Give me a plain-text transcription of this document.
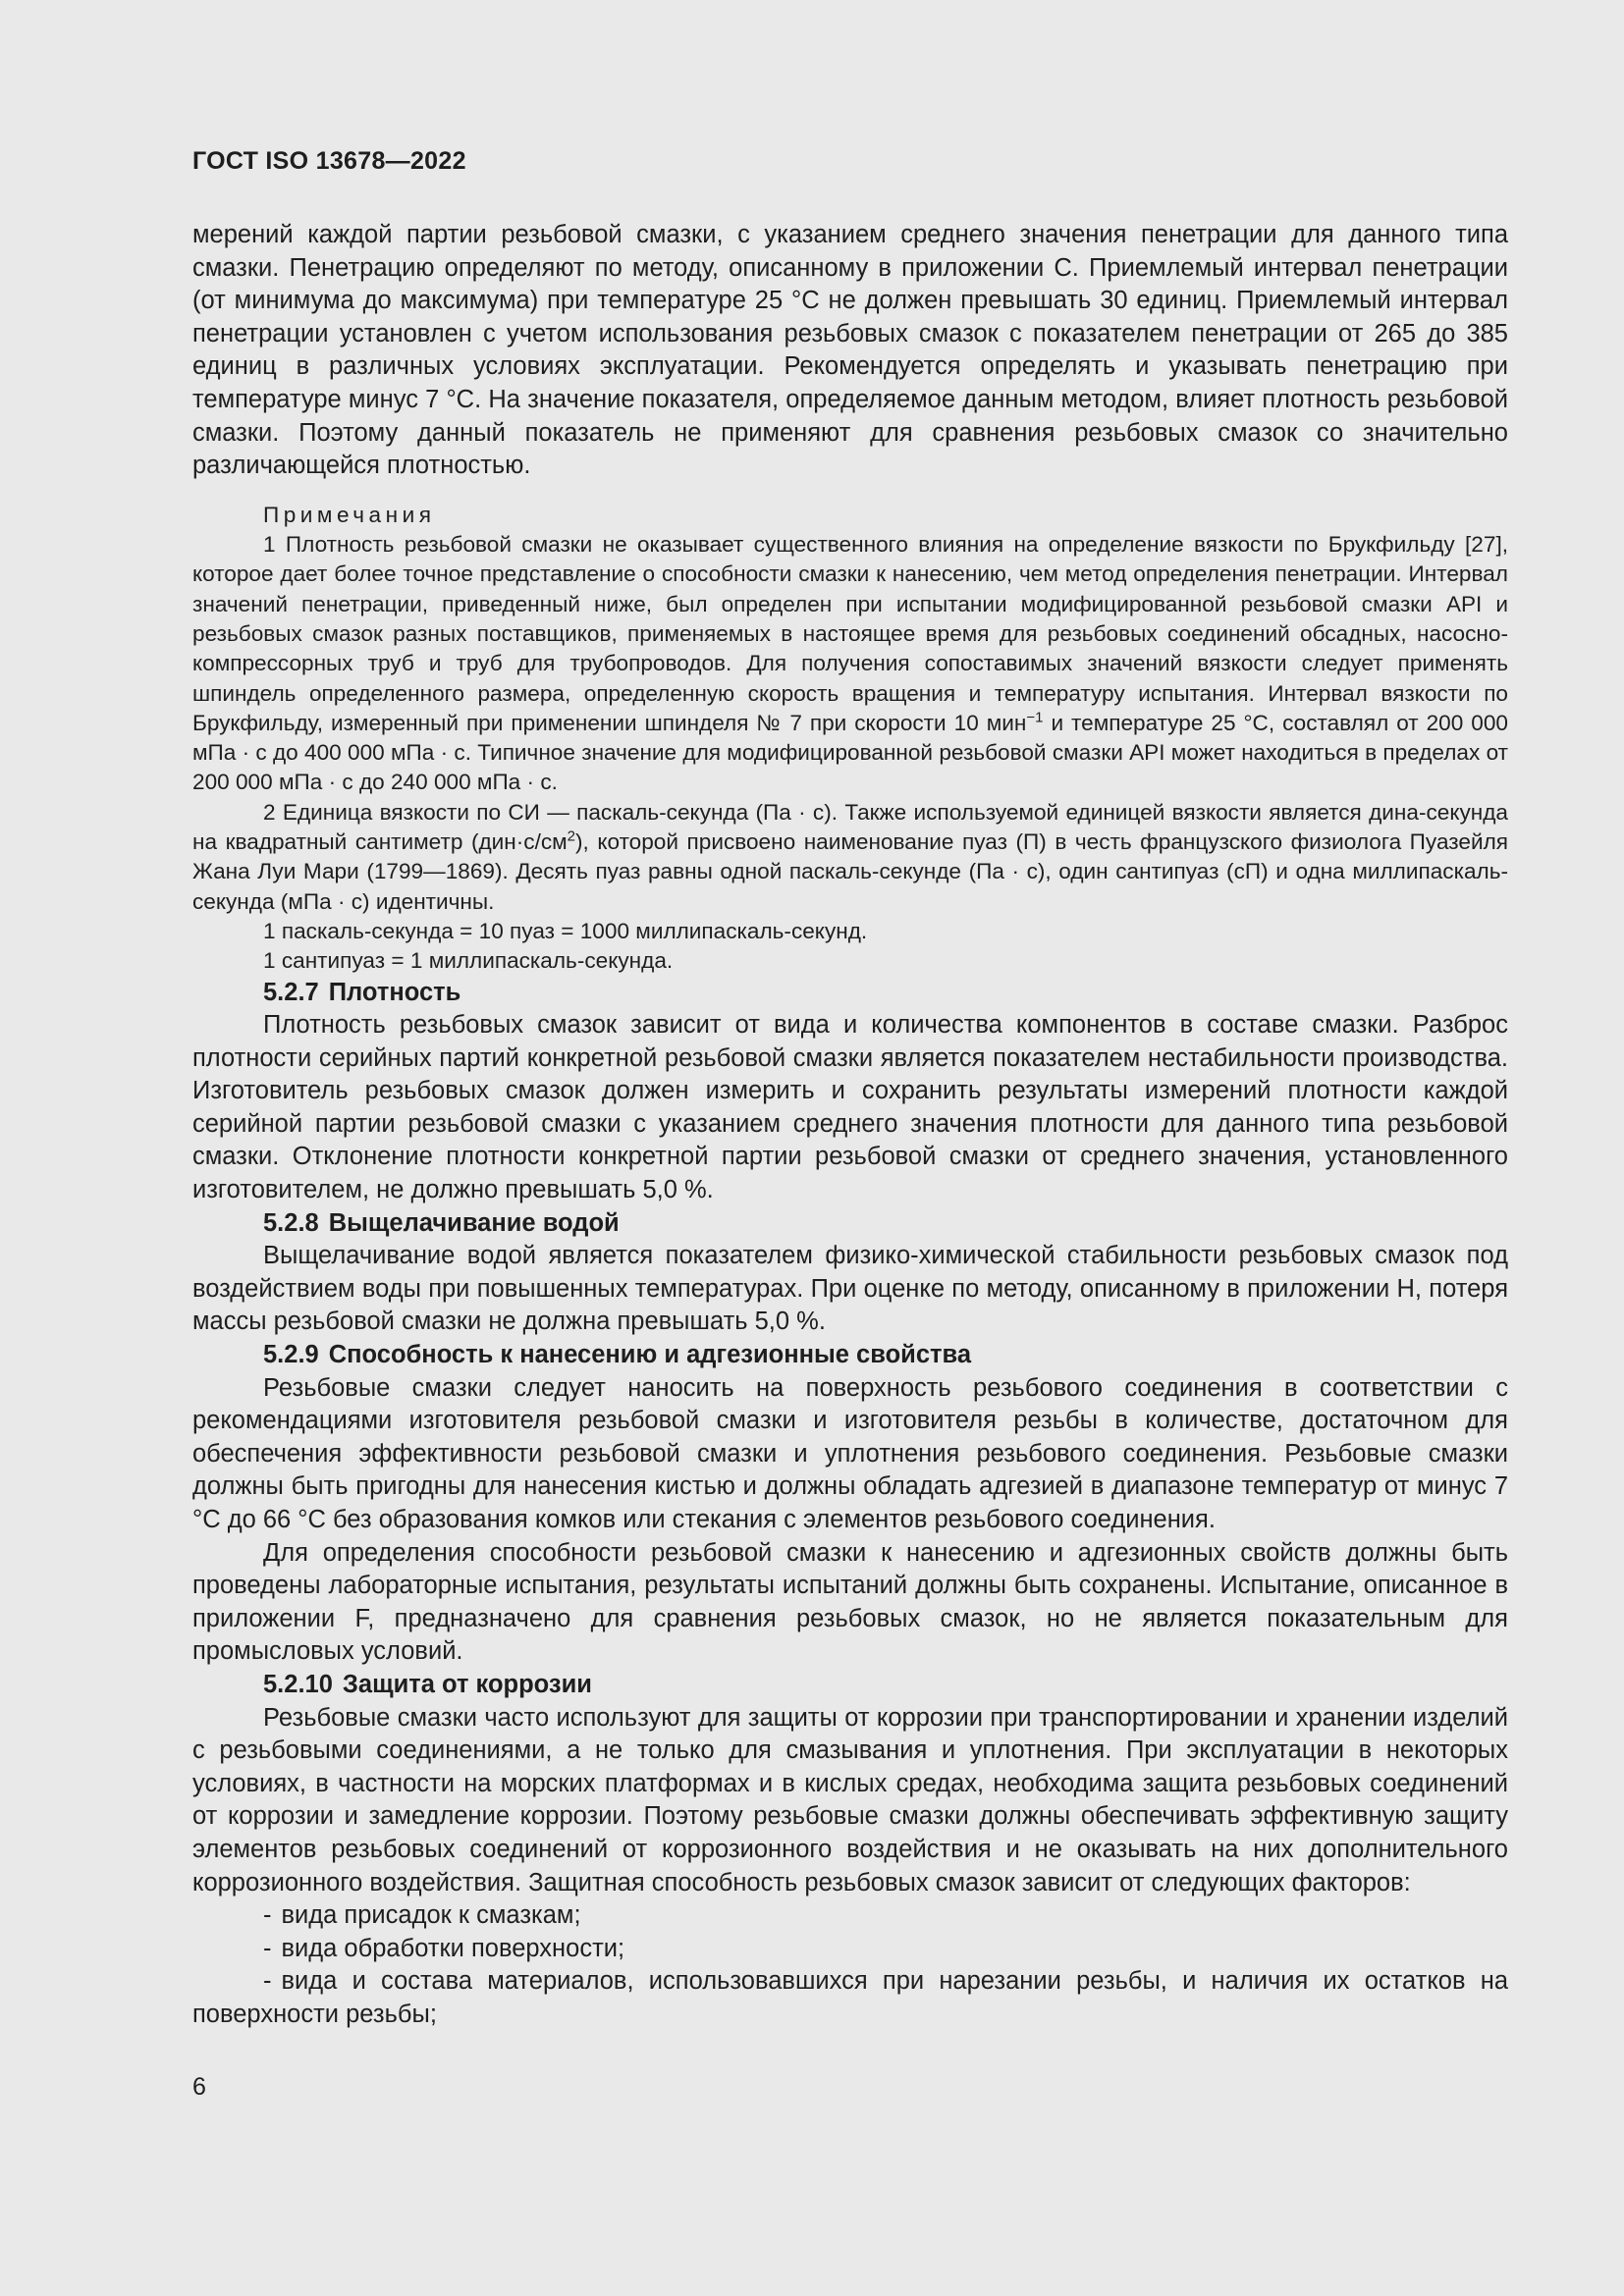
ГОСТ ISO 13678—2022

мерений каждой партии резьбовой смазки, с указанием среднего значения пенетрации для данного типа смазки. Пенетрацию определяют по методу, описанному в приложении С. Приемлемый интервал пенетрации (от минимума до максимума) при температуре 25 °C не должен превышать 30 единиц. Приемлемый интервал пенетрации установлен с учетом использования резьбовых смазок с показателем пенетрации от 265 до 385 единиц в различных условиях эксплуатации. Рекомендуется определять и указывать пенетрацию при температуре минус 7 °C. На значение показателя, определяемое данным методом, влияет плотность резьбовой смазки. Поэтому данный показатель не применяют для сравнения резьбовых смазок со значительно различающейся плотностью.

Примечания

1 Плотность резьбовой смазки не оказывает существенного влияния на определение вязкости по Брукфильду [27], которое дает более точное представление о способности смазки к нанесению, чем метод определения пенетрации. Интервал значений пенетрации, приведенный ниже, был определен при испытании модифицированной резьбовой смазки API и резьбовых смазок разных поставщиков, применяемых в настоящее время для резьбовых соединений обсадных, насосно-компрессорных труб и труб для трубопроводов. Для получения сопоставимых значений вязкости следует применять шпиндель определенного размера, определенную скорость вращения и температуру испытания. Интервал вязкости по Брукфильду, измеренный при применении шпинделя № 7 при скорости 10 мин$^{-1}$ и температуре 25 °C, составлял от 200 000 мПа · с до 400 000 мПа · с. Типичное значение для модифицированной резьбовой смазки API может находиться в пределах от 200 000 мПа · с до 240 000 мПа · с.

2 Единица вязкости по СИ — паскаль-секунда (Па · с). Также используемой единицей вязкости является дина-секунда на квадратный сантиметр $(дин\cdot с/см^2)$, которой присвоено наименование пуаз (П) в честь французского физиолога Пуазейля Жана Луи Мари (1799—1869). Десять пуаз равны одной паскаль-секунде (Па · с), один сантипуаз (сП) и одна миллипаскаль-секунда (мПа · с) идентичны.

1 паскаль-секунда = 10 пуаз = 1000 миллипаскаль-секунд.
1 сантипуаз = 1 миллипаскаль-секунда.
5.2.7 Плотность

Плотность резьбовых смазок зависит от вида и количества компонентов в составе смазки. Разброс плотности серийных партий конкретной резьбовой смазки является показателем нестабильности производства. Изготовитель резьбовых смазок должен измерить и сохранить результаты измерений плотности каждой серийной партии резьбовой смазки с указанием среднего значения плотности для данного типа резьбовой смазки. Отклонение плотности конкретной партии резьбовой смазки от среднего значения, установленного изготовителем, не должно превышать 5,0 %.

5.2.8 Выщелачивание водой

Выщелачивание водой является показателем физико-химической стабильности резьбовых смазок под воздействием воды при повышенных температурах. При оценке по методу, описанному в приложении Н, потеря массы резьбовой смазки не должна превышать 5,0 %.

5.2.9 Способность к нанесению и адгезионные свойства

Резьбовые смазки следует наносить на поверхность резьбового соединения в соответствии с рекомендациями изготовителя резьбовой смазки и изготовителя резьбы в количестве, достаточном для обеспечения эффективности резьбовой смазки и уплотнения резьбового соединения. Резьбовые смазки должны быть пригодны для нанесения кистью и должны обладать адгезией в диапазоне температур от минус 7 °C до 66 °C без образования комков или стекания с элементов резьбового соединения.

Для определения способности резьбовой смазки к нанесению и адгезионных свойств должны быть проведены лабораторные испытания, результаты испытаний должны быть сохранены. Испытание, описанное в приложении F, предназначено для сравнения резьбовых смазок, но не является показательным для промысловых условий.

5.2.10 Защита от коррозии

Резьбовые смазки часто используют для защиты от коррозии при транспортировании и хранении изделий с резьбовыми соединениями, а не только для смазывания и уплотнения. При эксплуатации в некоторых условиях, в частности на морских платформах и в кислых средах, необходима защита резьбовых соединений от коррозии и замедление коррозии. Поэтому резьбовые смазки должны обеспечивать эффективную защиту элементов резьбовых соединений от коррозионного воздействия и не оказывать на них дополнительного коррозионного воздействия. Защитная способность резьбовых смазок зависит от следующих факторов:

- вида присадок к смазкам;

- вида обработки поверхности;

- вида и состава материалов, использовавшихся при нарезании резьбы, и наличия их остатков на поверхности резьбы;

6
